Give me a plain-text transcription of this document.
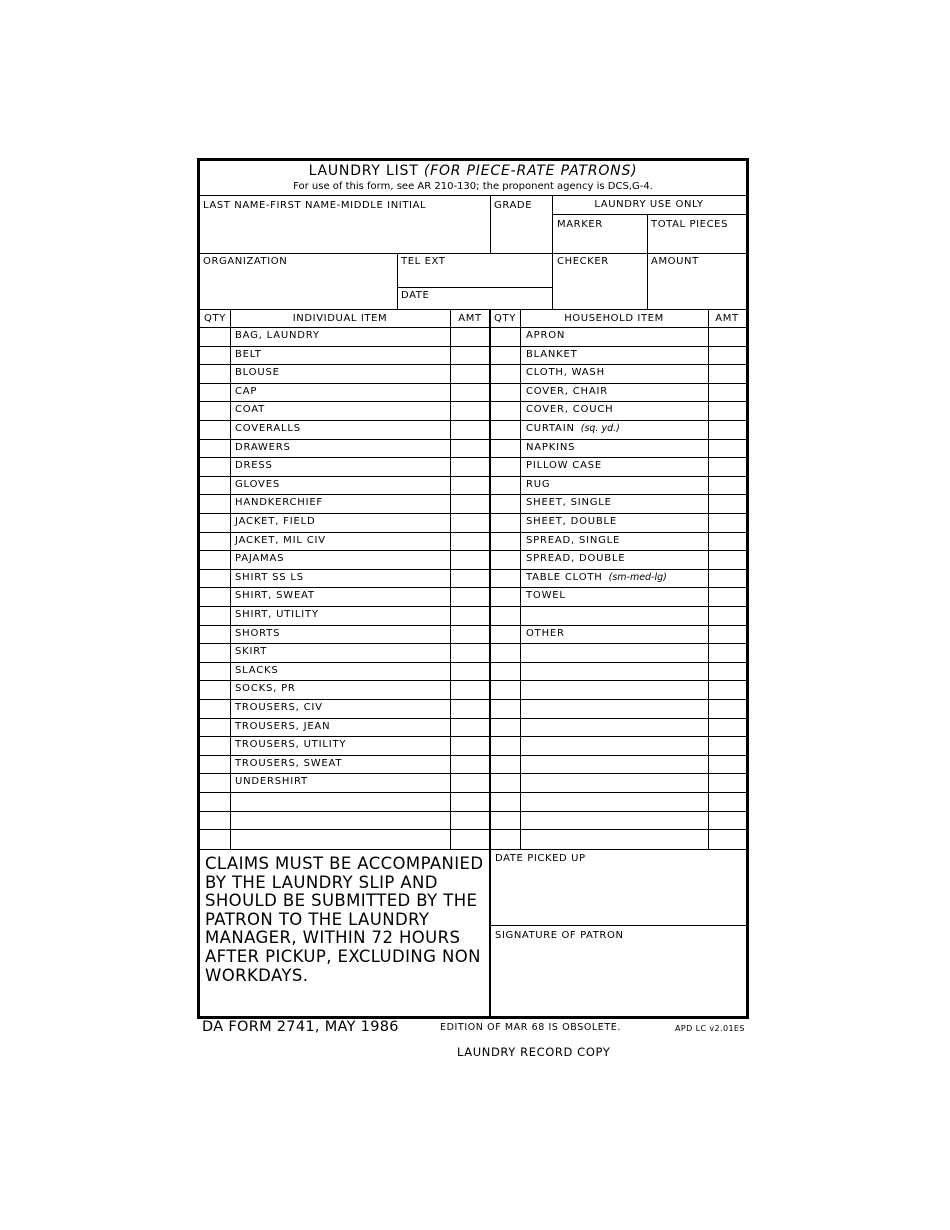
LAUNDRY LIST (FOR PIECE-RATE PATRONS)
For use of this form, see AR 210-130; the proponent agency is DCS,G-4.
LAST NAME-FIRST NAME-MIDDLE INITIAL	GRADE	LAUNDRY USE ONLY
MARKER	TOTAL PIECES
ORGANIZATION	TEL EXT
DATE
CHECKER	AMOUNT
QTY	INDIVIDUAL ITEM	AMT	QTY	HOUSEHOLD ITEM	AMT
BAG, LAUNDRY	APRON
BELT	BLANKET
BLOUSE	CLOTH, WASH
CAP	COVER, CHAIR
COAT	COVER, COUCH
COVERALLS	CURTAIN (sq. yd.)
DRAWERS	NAPKINS
DRESS	PILLOW CASE
GLOVES	RUG
HANDKERCHIEF	SHEET, SINGLE
JACKET, FIELD	SHEET, DOUBLE
JACKET, MIL CIV	SPREAD, SINGLE
PAJAMAS	SPREAD, DOUBLE
SHIRT SS LS	TABLE CLOTH (sm-med-lg)
SHIRT, SWEAT	TOWEL
SHIRT, UTILITY
SHORTS	OTHER
SKIRT
SLACKS
SOCKS, PR
TROUSERS, CIV
TROUSERS, JEAN
TROUSERS, UTILITY
TROUSERS, SWEAT
UNDERSHIRT
CLAIMS MUST BE ACCOMPANIED BY THE LAUNDRY SLIP AND SHOULD BE SUBMITTED BY THE PATRON TO THE LAUNDRY MANAGER, WITHIN 72 HOURS AFTER PICKUP, EXCLUDING NON WORKDAYS.
DATE PICKED UP
SIGNATURE OF PATRON
DA FORM 2741, MAY 1986	EDITION OF MAR 68 IS OBSOLETE.	APD LC v2.01ES
LAUNDRY RECORD COPY
